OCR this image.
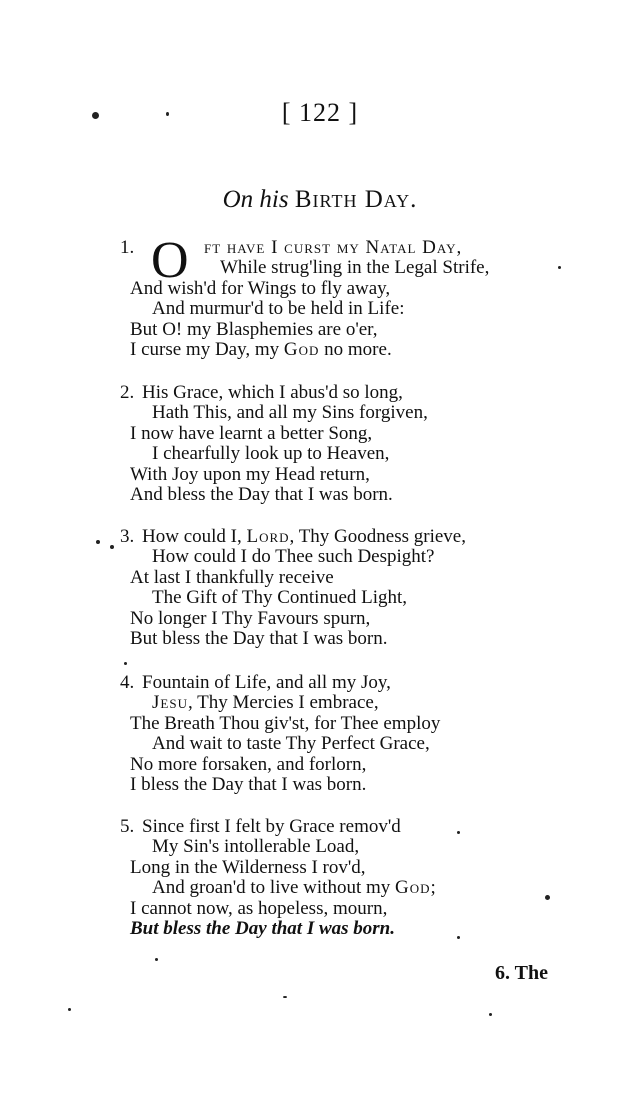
[ 122 ]
On his Birth Day.
1. O ft have I curst my Natal Day,
While strug'ling in the Legal Strife,
And wish'd for Wings to fly away,
And murmur'd to be held in Life:
But O! my Blasphemies are o'er,
I curse my Day, my God no more.
2. His Grace, which I abus'd so long,
Hath This, and all my Sins forgiven,
I now have learnt a better Song,
I chearfully look up to Heaven,
With Joy upon my Head return,
And bless the Day that I was born.
3. How could I, Lord, Thy Goodness grieve,
How could I do Thee such Despight?
At last I thankfully receive
The Gift of Thy Continued Light,
No longer I Thy Favours spurn,
But bless the Day that I was born.
4. Fountain of Life, and all my Joy,
Jesu, Thy Mercies I embrace,
The Breath Thou giv'st, for Thee employ
And wait to taste Thy Perfect Grace,
No more forsaken, and forlorn,
I bless the Day that I was born.
5. Since first I felt by Grace remov'd
My Sin's intollerable Load,
Long in the Wilderness I rov'd,
And groan'd to live without my God;
I cannot now, as hopeless, mourn,
But bless the Day that I was born.
6. The
